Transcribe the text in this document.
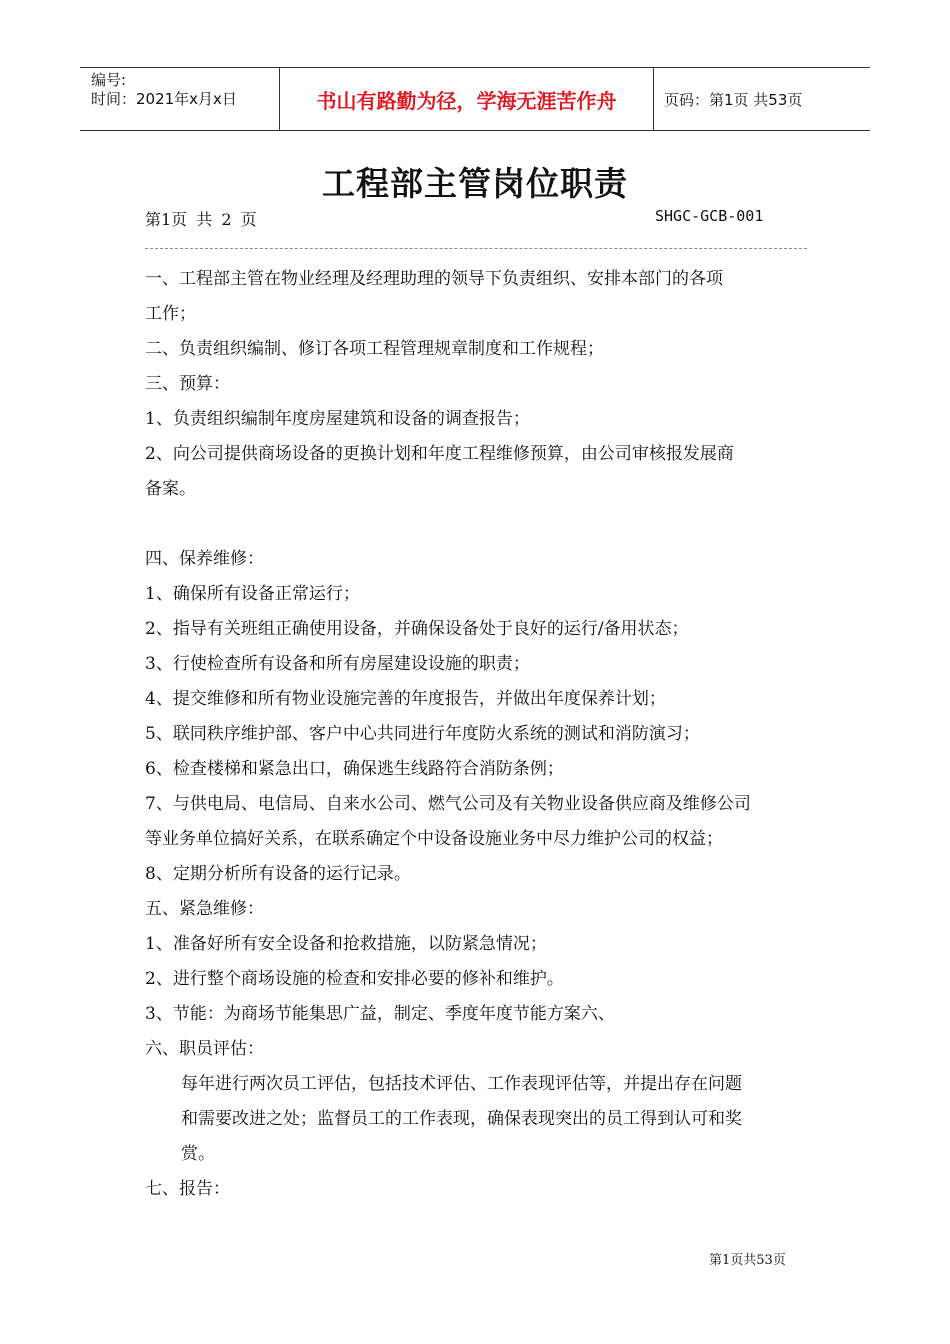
编号:
时间：2021年x月x日	书山有路勤为径，学海无涯苦作舟	页码：第1页 共53页
工程部主管岗位职责
第1页 共 2 页	SHGC-GCB-001

一、工程部主管在物业经理及经理助理的领导下负责组织、安排本部门的各项

工作；

二、负责组织编制、修订各项工程管理规章制度和工作规程；

三、预算：

1、负责组织编制年度房屋建筑和设备的调查报告；

2、向公司提供商场设备的更换计划和年度工程维修预算，由公司审核报发展商

备案。

四、保养维修：

1、确保所有设备正常运行；

2、指导有关班组正确使用设备，并确保设备处于良好的运行/备用状态；

3、行使检查所有设备和所有房屋建设设施的职责；

4、提交维修和所有物业设施完善的年度报告，并做出年度保养计划；

5、联同秩序维护部、客户中心共同进行年度防火系统的测试和消防演习；

6、检查楼梯和紧急出口，确保逃生线路符合消防条例；

7、与供电局、电信局、自来水公司、燃气公司及有关物业设备供应商及维修公司

等业务单位搞好关系，在联系确定个中设备设施业务中尽力维护公司的权益；

8、定期分析所有设备的运行记录。

五、紧急维修：

1、准备好所有安全设备和抢救措施，以防紧急情况；

2、进行整个商场设施的检查和安排必要的修补和维护。

3、节能：为商场节能集思广益，制定、季度年度节能方案六、

六、职员评估：

每年进行两次员工评估，包括技术评估、工作表现评估等，并提出存在问题

和需要改进之处；监督员工的工作表现，确保表现突出的员工得到认可和奖

赏。

七、报告：

第1页共53页
